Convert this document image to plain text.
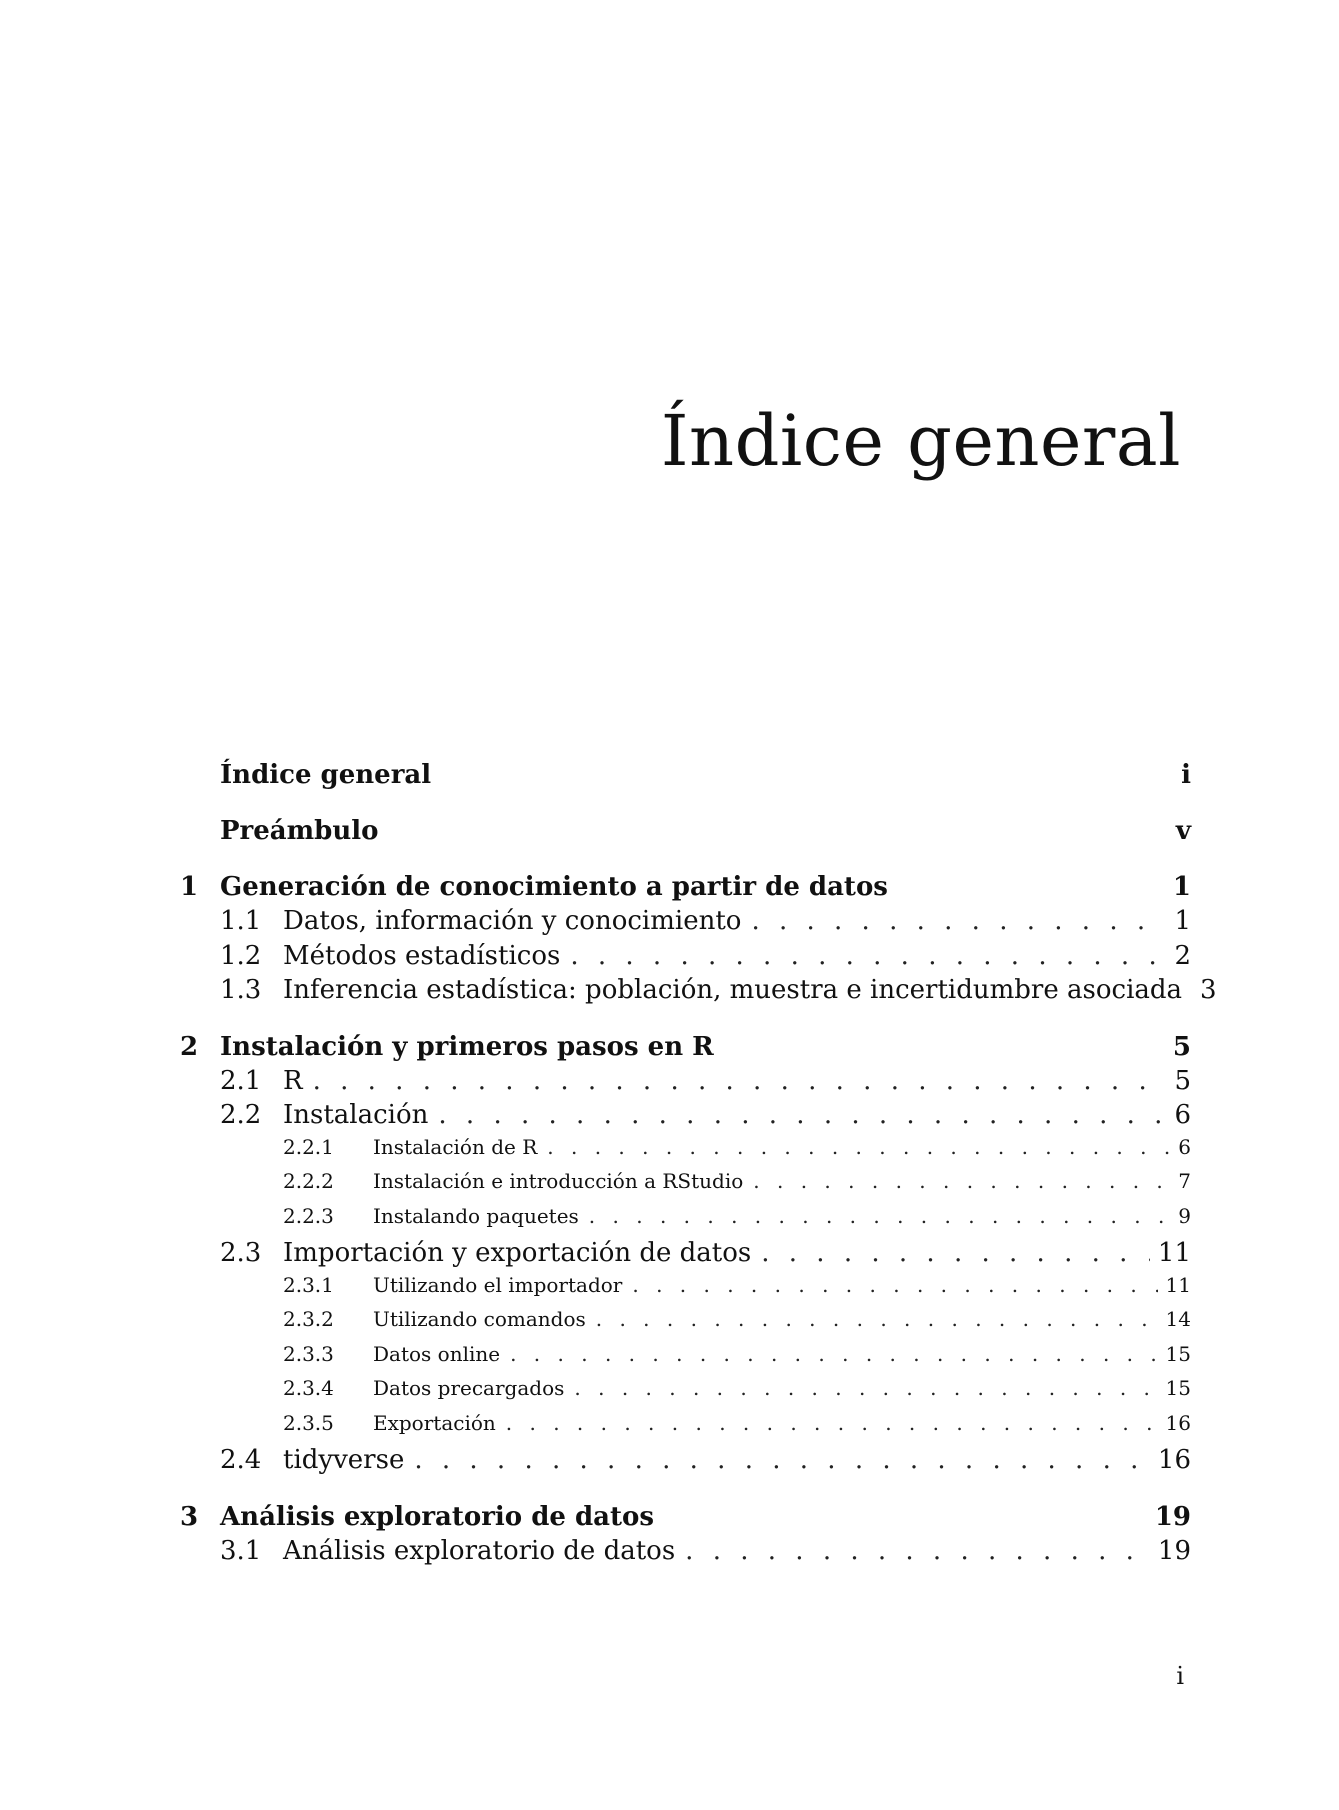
Índice general
Índice general	i
Preámbulo	v
1 Generación de conocimiento a partir de datos	1
1.1 Datos, información y conocimiento . . .	1
1.2 Métodos estadísticos . . .	2
1.3 Inferencia estadística: población, muestra e incertidumbre asociada 3
2 Instalación y primeros pasos en R	5
2.1 R . . .	5
2.2 Instalación . . .	6
2.2.1	Instalación de R . . .	6
2.2.2	Instalación e introducción a RStudio . . .	7
2.2.3	Instalando paquetes . . .	9
2.3 Importación y exportación de datos . . .	11
2.3.1	Utilizando el importador . . .	11
2.3.2	Utilizando comandos . . .	14
2.3.3	Datos online . . .	15
2.3.4	Datos precargados . . .	15
2.3.5	Exportación . . .	16
2.4 tidyverse . . .	16
3 Análisis exploratorio de datos	19
3.1 Análisis exploratorio de datos . . .	19
i
